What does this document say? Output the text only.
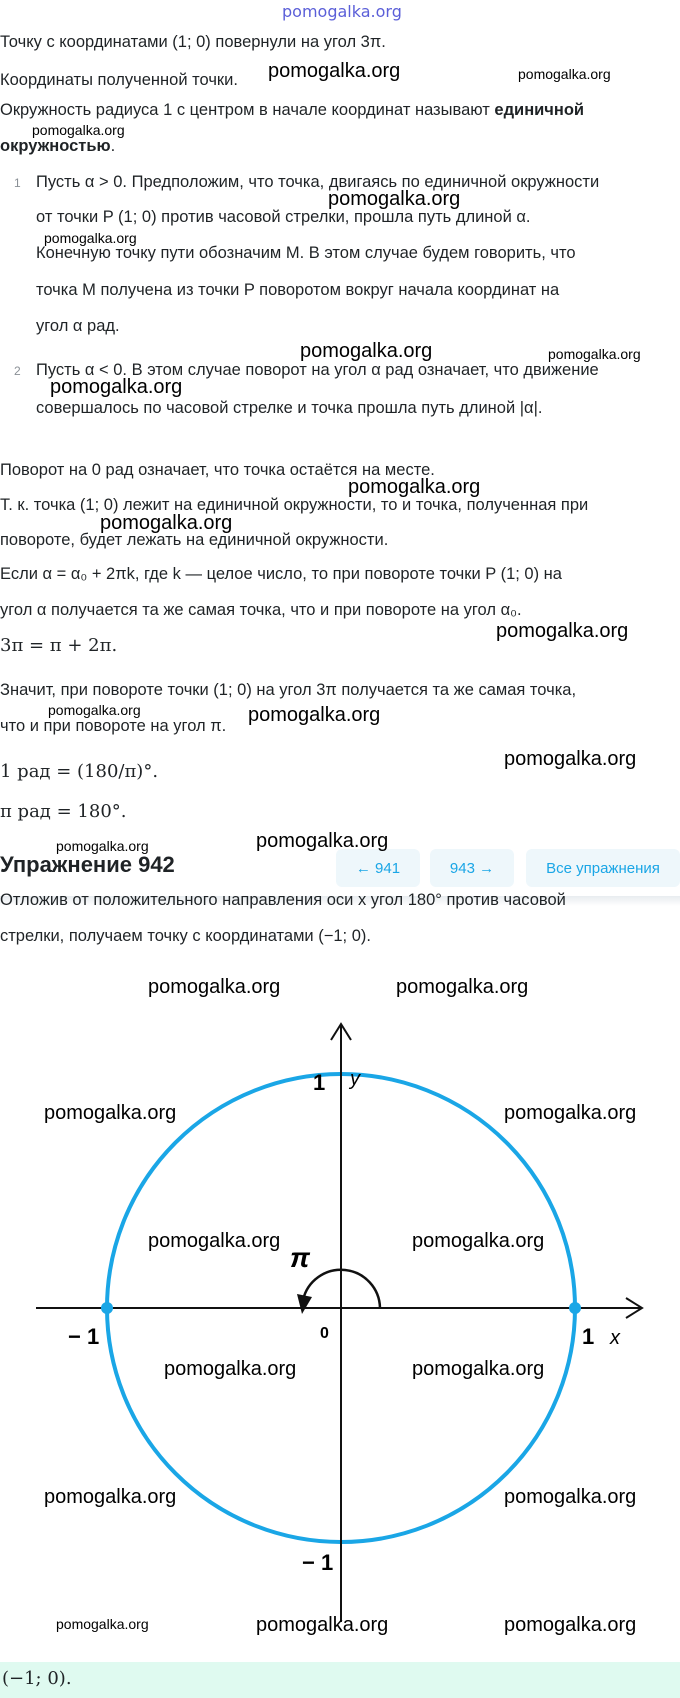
pomogalka.org
Точку с координатами (1; 0) повернули на угол 3π.
Координаты полученной точки.
Окружность радиуса 1 с центром в начале координат называют единичной
окружностью.
1 Пусть α > 0. Предположим, что точка, двигаясь по единичной окружности
от точки P (1; 0) против часовой стрелки, прошла путь длиной α.
Конечную точку пути обозначим M. В этом случае будем говорить, что
точка M получена из точки P поворотом вокруг начала координат на
угол α рад.
2 Пусть α < 0. В этом случае поворот на угол α рад означает, что движение
совершалось по часовой стрелке и точка прошла путь длиной |α|.
Поворот на 0 рад означает, что точка остаётся на месте.
Т. к. точка (1; 0) лежит на единичной окружности, то и точка, полученная при
повороте, будет лежать на единичной окружности.
Если α = α₀ + 2πk, где k — целое число, то при повороте точки P (1; 0) на
угол α получается та же самая точка, что и при повороте на угол α₀.
3π = π + 2π.
Значит, при повороте точки (1; 0) на угол 3π получается та же самая точка,
что и при повороте на угол π.
1 рад = (180/π)°.
π рад = 180°.
Упражнение 942	← 941	943 →	Все упражнения
Отложив от положительного направления оси x угол 180° против часовой
стрелки, получаем точку с координатами (−1; 0).
1 y
π
0
− 1	1 x
− 1
(−1; 0).
pomogalka.org	pomogalka.org
pomogalka.org
pomogalka.org
pomogalka.org
pomogalka.org	pomogalka.org
pomogalka.org
pomogalka.org
pomogalka.org
pomogalka.org
pomogalka.org	pomogalka.org
pomogalka.org
pomogalka.org	pomogalka.org
pomogalka.org	pomogalka.org
pomogalka.org	pomogalka.org
pomogalka.org	pomogalka.org
pomogalka.org	pomogalka.org
pomogalka.org	pomogalka.org
pomogalka.org	pomogalka.org	pomogalka.org
